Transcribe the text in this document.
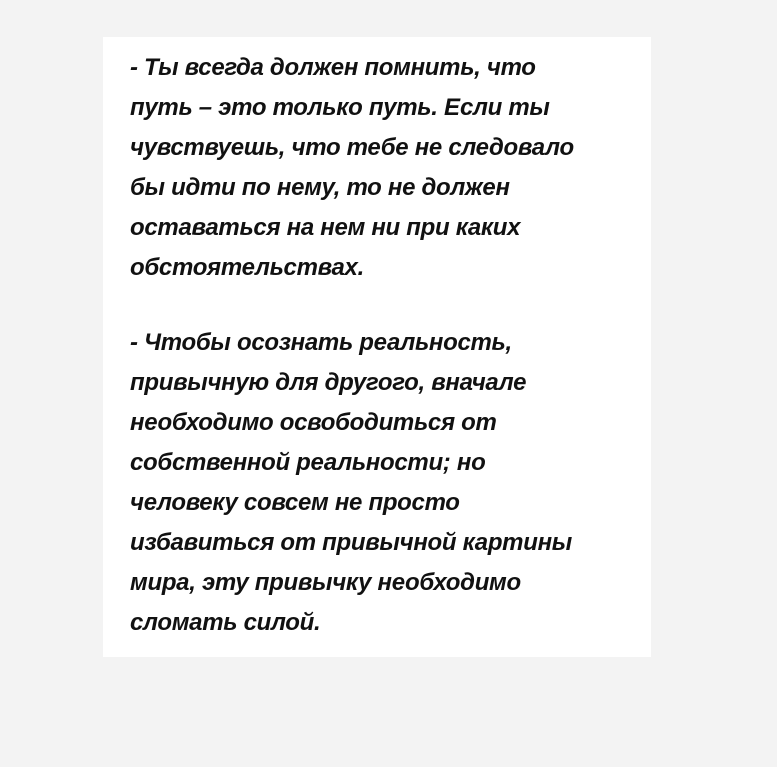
- Ты всегда должен помнить, что
путь – это только путь. Если ты
чувствуешь, что тебе не следовало
бы идти по нему, то не должен
оставаться на нем ни при каких
обстоятельствах.

- Чтобы осознать реальность,
привычную для другого, вначале
необходимо освободиться от
собственной реальности; но
человеку совсем не просто
избавиться от привычной картины
мира, эту привычку необходимо
сломать силой.
